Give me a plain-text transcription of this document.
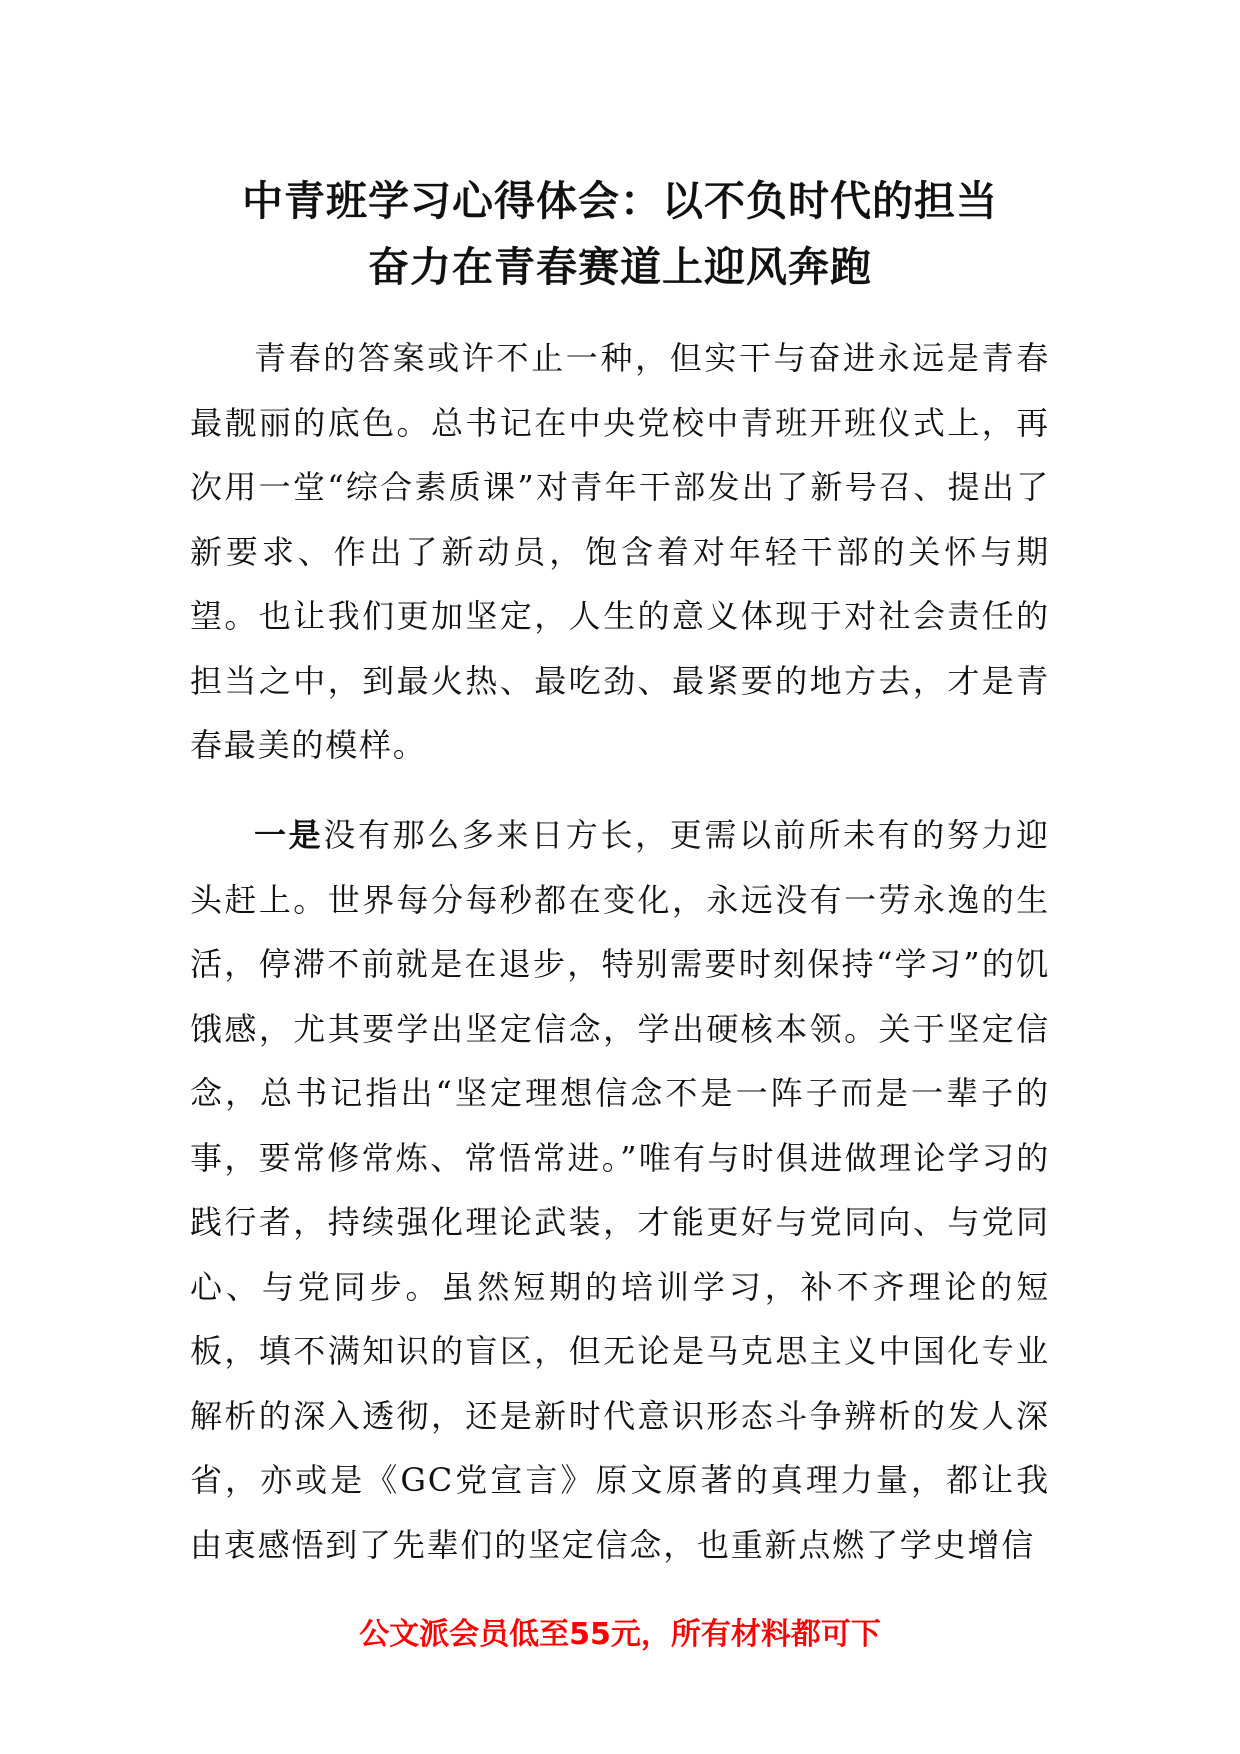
中青班学习心得体会：以不负时代的担当
奋力在青春赛道上迎风奔跑

青春的答案或许不止一种，但实干与奋进永远是青春最靓丽的底色。总书记在中央党校中青班开班仪式上，再次用一堂“综合素质课”对青年干部发出了新号召、提出了新要求、作出了新动员，饱含着对年轻干部的关怀与期望。也让我们更加坚定，人生的意义体现于对社会责任的担当之中，到最火热、最吃劲、最紧要的地方去，才是青春最美的模样。

一是没有那么多来日方长，更需以前所未有的努力迎头赶上。世界每分每秒都在变化，永远没有一劳永逸的生活，停滞不前就是在退步，特别需要时刻保持“学习”的饥饿感，尤其要学出坚定信念，学出硬核本领。关于坚定信念，总书记指出“坚定理想信念不是一阵子而是一辈子的事，要常修常炼、常悟常进。”唯有与时俱进做理论学习的践行者，持续强化理论武装，才能更好与党同向、与党同心、与党同步。虽然短期的培训学习，补不齐理论的短板，填不满知识的盲区，但无论是马克思主义中国化专业解析的深入透彻，还是新时代意识形态斗争辨析的发人深省，亦或是《GC党宣言》原文原著的真理力量，都让我由衷感悟到了先辈们的坚定信念，也重新点燃了学史增信

公文派会员低至55元，所有材料都可下
